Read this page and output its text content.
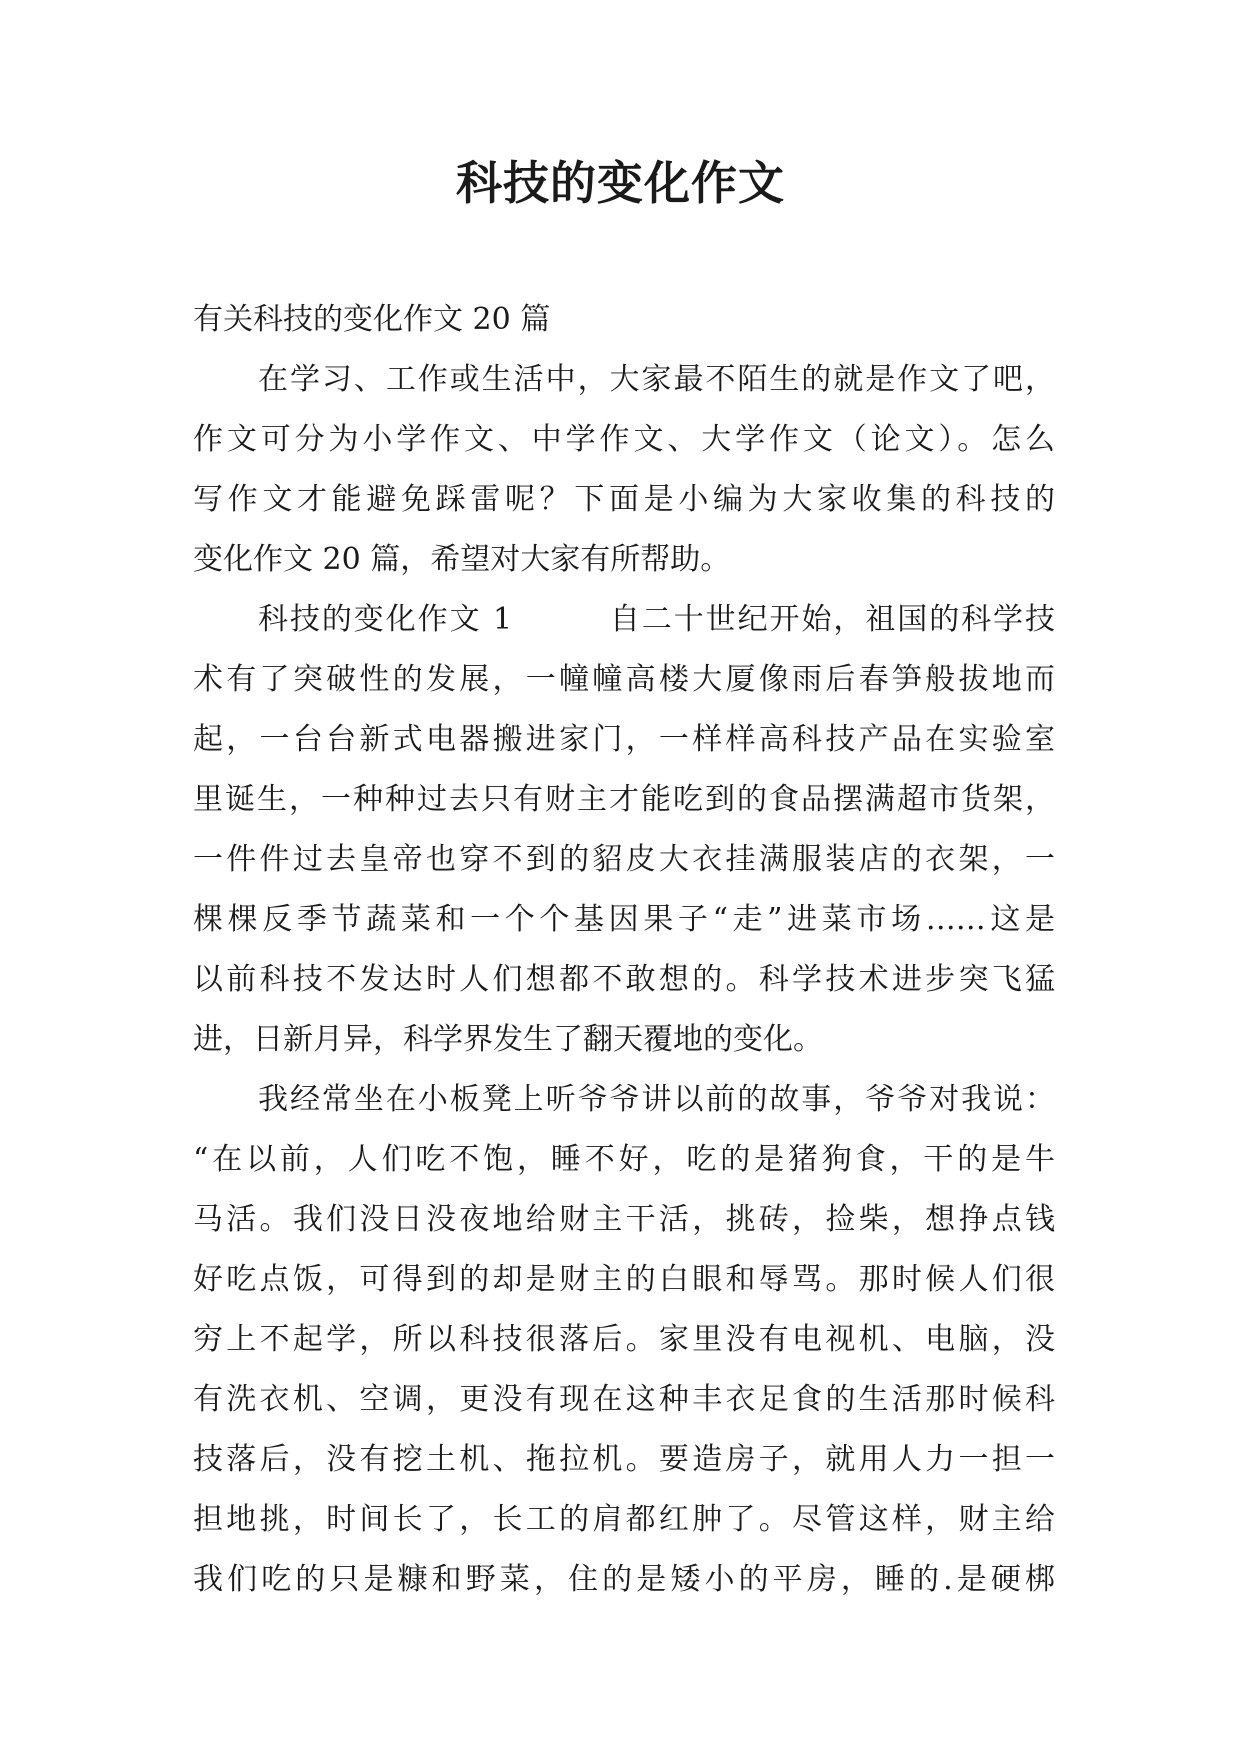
科技的变化作文
有关科技的变化作文 20 篇
在学习、工作或生活中，大家最不陌生的就是作文了吧，
作文可分为小学作文、中学作文、大学作文（论文）。怎么
写作文才能避免踩雷呢？下面是小编为大家收集的科技的
变化作文 20 篇，希望对大家有所帮助。
科技的变化作文 1　　　自二十世纪开始，祖国的科学技
术有了突破性的发展，一幢幢高楼大厦像雨后春笋般拔地而
起，一台台新式电器搬进家门，一样样高科技产品在实验室
里诞生，一种种过去只有财主才能吃到的食品摆满超市货架，
一件件过去皇帝也穿不到的貂皮大衣挂满服装店的衣架，一
棵棵反季节蔬菜和一个个基因果子“走”进菜市场……这是
以前科技不发达时人们想都不敢想的。科学技术进步突飞猛
进，日新月异，科学界发生了翻天覆地的变化。
我经常坐在小板凳上听爷爷讲以前的故事，爷爷对我说：
“在以前，人们吃不饱，睡不好，吃的是猪狗食，干的是牛
马活。我们没日没夜地给财主干活，挑砖，捡柴，想挣点钱
好吃点饭，可得到的却是财主的白眼和辱骂。那时候人们很
穷上不起学，所以科技很落后。家里没有电视机、电脑，没
有洗衣机、空调，更没有现在这种丰衣足食的生活那时候科
技落后，没有挖土机、拖拉机。要造房子，就用人力一担一
担地挑，时间长了，长工的肩都红肿了。尽管这样，财主给
我们吃的只是糠和野菜，住的是矮小的平房，睡的.是硬梆
